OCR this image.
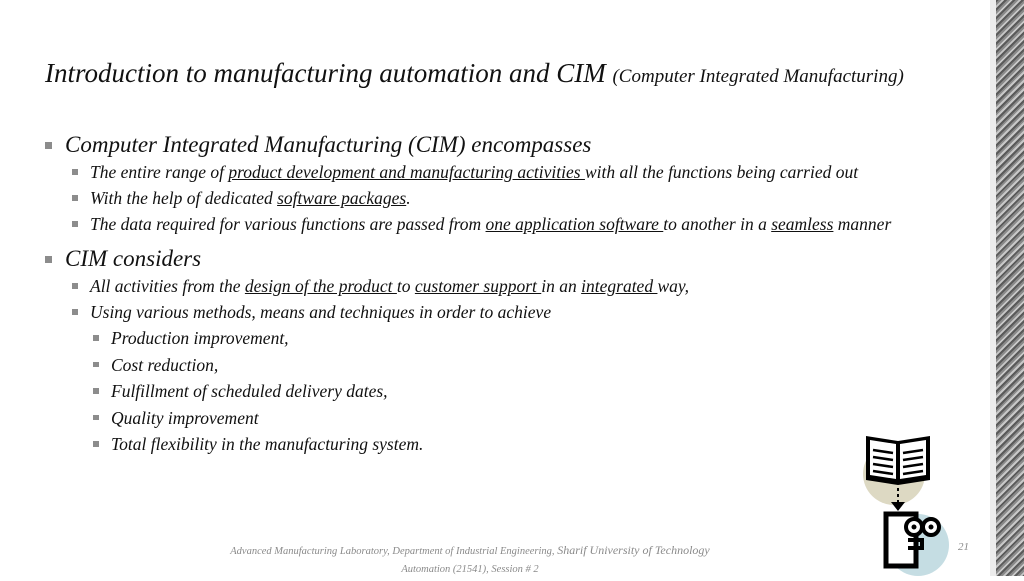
Introduction to manufacturing automation and CIM (Computer Integrated Manufacturing)
Computer Integrated Manufacturing (CIM) encompasses
The entire range of product development and manufacturing activities with all the functions being carried out
With the help of dedicated software packages.
The data required for various functions are passed from one application software to another in a seamless manner
CIM considers
All activities from the design of the product to customer support in an integrated way,
Using various methods, means and techniques in order to achieve
Production improvement,
Cost reduction,
Fulfillment of scheduled delivery dates,
Quality improvement
Total flexibility in the manufacturing system.
Advanced Manufacturing Laboratory, Department of Industrial Engineering, Sharif University of Technology
Automation (21541), Session # 2
21
